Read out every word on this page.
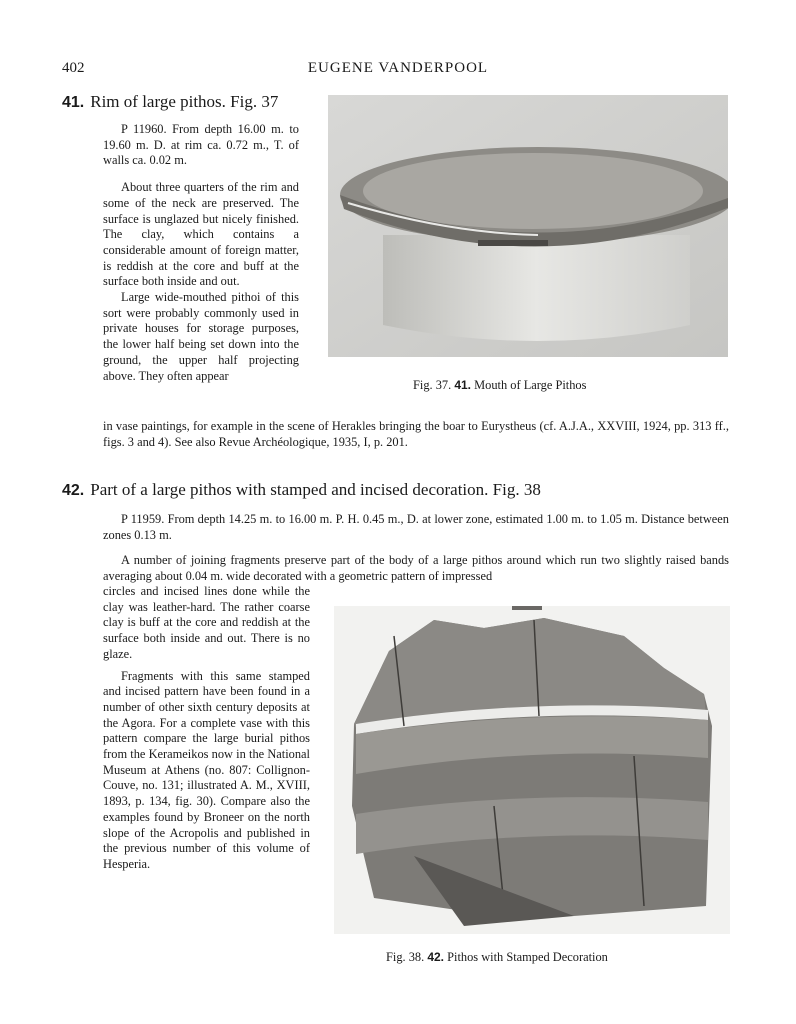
402	EUGENE VANDERPOOL
41. Rim of large pithos. Fig. 37

P 11960. From depth 16.00 m. to 19.60 m. D. at rim ca. 0.72 m., T. of walls ca. 0.02 m.

About three quarters of the rim and some of the neck are preserved. The surface is unglazed but nicely finished. The clay, which contains a considerable amount of foreign matter, is reddish at the core and buff at the surface both inside and out.

Large wide-mouthed pithoi of this sort were probably commonly used in private houses for storage purposes, the lower half being set down into the ground, the upper half projecting above. They often appear

Fig. 37. 41. Mouth of Large Pithos

in vase paintings, for example in the scene of Herakles bringing the boar to Eurystheus (cf. A.J.A., XXVIII, 1924, pp. 313 ff., figs. 3 and 4). See also Revue Archéologique, 1935, I, p. 201.

42. Part of a large pithos with stamped and incised decoration. Fig. 38

P 11959. From depth 14.25 m. to 16.00 m. P. H. 0.45 m., D. at lower zone, estimated 1.00 m. to 1.05 m. Distance between zones 0.13 m.

A number of joining fragments preserve part of the body of a large pithos around which run two slightly raised bands averaging about 0.04 m. wide decorated with a geometric pattern of impressed

circles and incised lines done while the clay was leather-hard. The rather coarse clay is buff at the core and reddish at the surface both inside and out. There is no glaze.

Fragments with this same stamped and incised pattern have been found in a number of other sixth century deposits at the Agora. For a complete vase with this pattern compare the large burial pithos from the Kerameikos now in the National Museum at Athens (no. 807: Collignon-Couve, no. 131; illustrated A. M., XVIII, 1893, p. 134, fig. 30). Compare also the examples found by Broneer on the north slope of the Acropolis and published in the previous number of this volume of Hesperia.

Fig. 38. 42. Pithos with Stamped Decoration
